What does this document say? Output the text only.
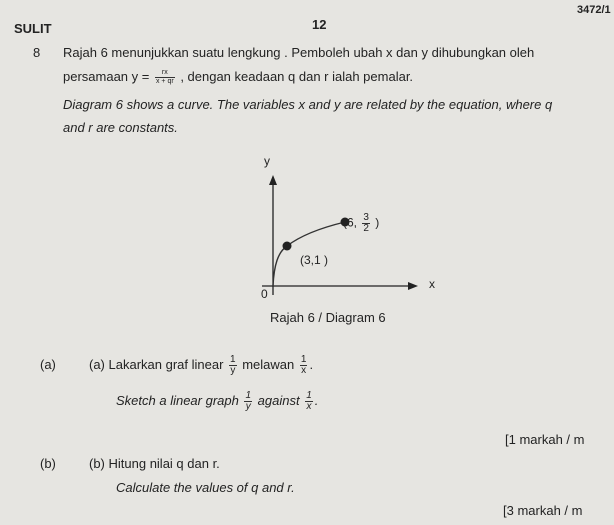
SULIT	12
3472/1
8 Rajah 6 menunjukkan suatu lengkung . Pemboleh ubah x dan y dihubungkan oleh
persamaan $y = \frac{rx}{x + qr}$ , dengan keadaan q dan r ialah pemalar.
Diagram 6 shows a curve. The variables x and y are related by the equation, where q
and r are constants.
y
x
0
(3,1 )
(6, $\frac{3}{2}$ )
Rajah 6 / Diagram 6
(a)	(a) Lakarkan graf linear $\frac{1}{y}$ melawan $\frac{1}{x}$ .
Sketch a linear graph $\frac{1}{y}$ against $\frac{1}{x}$ .
[1 markah / m
(b)	(b) Hitung nilai q dan r.
Calculate the values of q and r.
[3 markah / m
